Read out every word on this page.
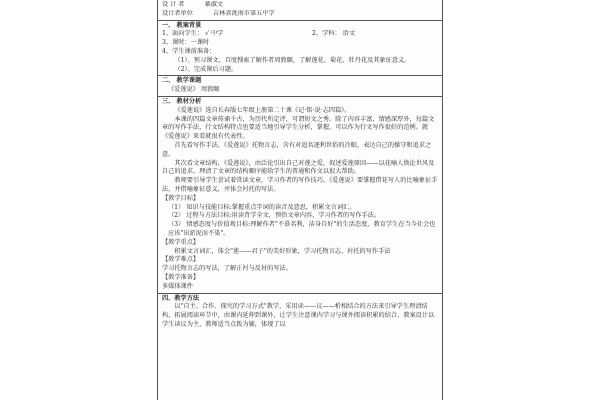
设 计 者	綦淑文
设计者单位	吉林省洮南市第五中学
一、 教案背景
1、面向学生： √ 中学	2、学科： 语文
3、课时：一课时
4、学生课前准备：
（1）、预习课文，百度搜索了解作者周敦颐，了解莲花、菊花、牡丹花及其象征意义。
（2）、完成课后习题。
二、 教学课题
《爱莲说》 周敦颐
三、 教材分析
《爱莲说》选自长春版七年级上册第二十课《记·铭·说·志四篇》。
本课的四篇文章传诵千古，为历代所定评，可谓短文之秀。除了内容丰富，情感深厚外，每篇文章的写作手法，行文结构特点也要适当地引导学生分析，掌握，可以作为行文写作很好的范例。就《爱莲说》来看就很有代表性。
首先看写作手法，《爱莲说》托物言志，含有对追名逐利世俗的冷眼，表达自己的操守和追求之意。
其次看文章结构，《爱莲说》，由泛论引出自己对莲之爱，叙述爱莲原因——以花喻人焕论世风及自己的追求。理清了文章的结构顺序能给学生的普通和作文以很大帮助。
教师要引导学生尝试着赏读文章，学习作者的写作技巧。《爱莲说》要掌握借花写人的比喻象征手法，并借喻象征意义，并体会衬托的写法。
【教学目标】
（1） 知识与技能目标:掌握重点字词的读音及意思，积累文言词汇。
（2） 过程与方法目标:用读背学全文，预悟文章内容，学习作者的写作手法。
（3） 情感态度与价值观目标:理解作者"不慕名利，洁身自好"的生活态度，教育学生在当今社会也应该"出淤泥而不染"。
【教学重点】
积累文言词汇，体会"莲——君子"的美好形象，学习托物言志、衬托的写作手法
【教学难点】
学习托物言志的写法，了解正衬与反衬的写法。
【教学准备】
多媒体课件
四、教学方法
以"自主、合作、探究的学习方式"教学，采用读——议——析相结合的方法来引导学生理清结构，拓展阅读环节中，由课内延伸到课外，让学生注意课内学习与课外阅读积累的结合，教案设计以学生读议为主，教师适当点拨为辅，体现了以
